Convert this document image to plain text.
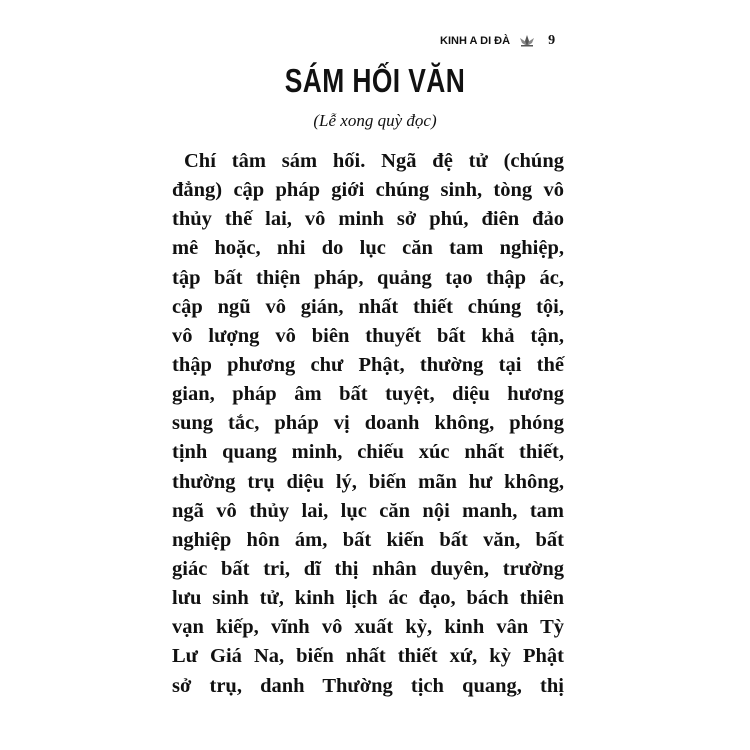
KINH A DI ĐÀ	9
SÁM HỐI VĂN
(Lễ xong quỳ đọc)
Chí tâm sám hối. Ngã đệ tử (chúng
đẳng) cập pháp giới chúng sinh, tòng vô
thủy thế lai, vô minh sở phú, điên đảo
mê hoặc, nhi do lục căn tam nghiệp,
tập bất thiện pháp, quảng tạo thập ác,
cập ngũ vô gián, nhất thiết chúng tội,
vô lượng vô biên thuyết bất khả tận,
thập phương chư Phật, thường tại thế
gian, pháp âm bất tuyệt, diệu hương
sung tắc, pháp vị doanh không, phóng
tịnh quang minh, chiếu xúc nhất thiết,
thường trụ diệu lý, biến mãn hư không,
ngã vô thủy lai, lục căn nội manh, tam
nghiệp hôn ám, bất kiến bất văn, bất
giác bất tri, dĩ thị nhân duyên, trường
lưu sinh tử, kinh lịch ác đạo, bách thiên
vạn kiếp, vĩnh vô xuất kỳ, kinh vân Tỳ
Lư Giá Na, biến nhất thiết xứ, kỳ Phật
sở trụ, danh Thường tịch quang, thị
